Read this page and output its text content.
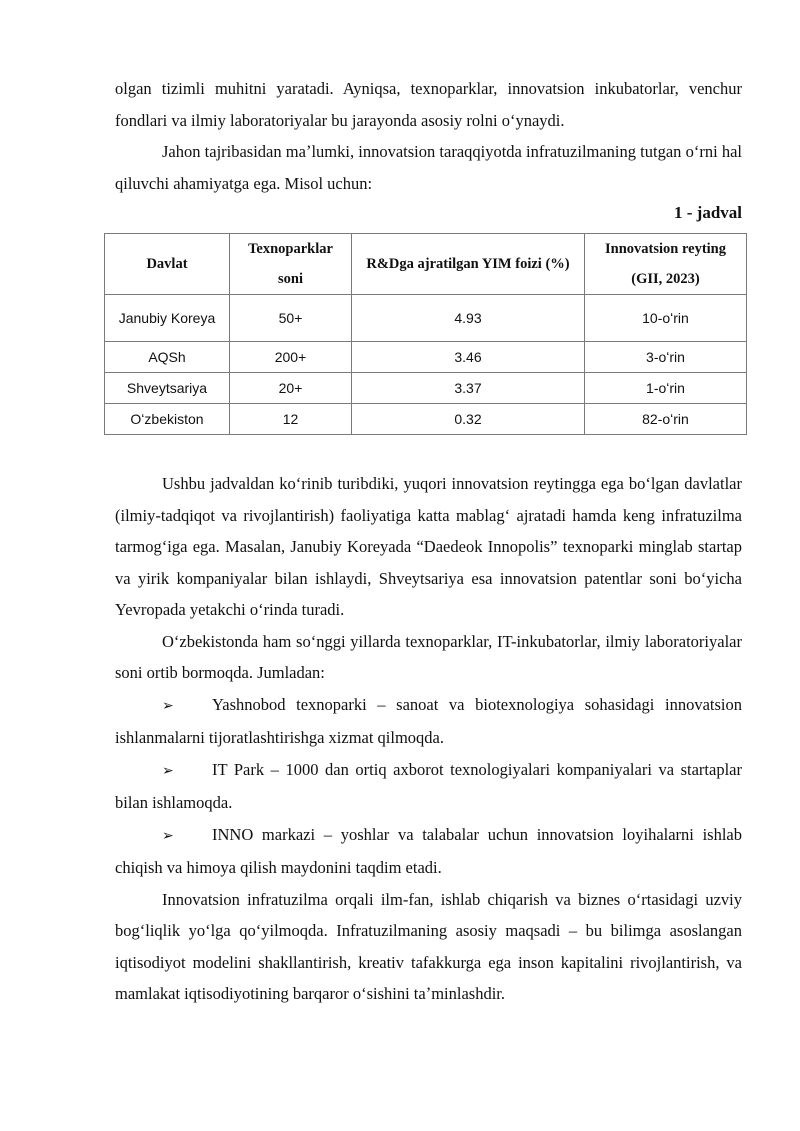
olgan tizimli muhitni yaratadi. Ayniqsa, texnoparklar, innovatsion inkubatorlar, venchur fondlari va ilmiy laboratoriyalar bu jarayonda asosiy rolni oʻynaydi.

Jahon tajribasidan maʼlumki, innovatsion taraqqiyotda infratuzilmaning tutgan oʻrni hal qiluvchi ahamiyatga ega. Misol uchun:

1 - jadval
Davlat	Texnoparklar soni	R&Dga ajratilgan YIM foizi (%)	Innovatsion reyting (GII, 2023)
Janubiy Koreya	50+	4.93	10-oʻrin
AQSh	200+	3.46	3-oʻrin
Shveytsariya	20+	3.37	1-oʻrin
Oʻzbekiston	12	0.32	82-oʻrin

Ushbu jadvaldan koʻrinib turibdiki, yuqori innovatsion reytingga ega boʻlgan davlatlar (ilmiy-tadqiqot va rivojlantirish) faoliyatiga katta mablagʻ ajratadi hamda keng infratuzilma tarmogʻiga ega. Masalan, Janubiy Koreyada “Daedeok Innopolis” texnoparki minglab startap va yirik kompaniyalar bilan ishlaydi, Shveytsariya esa innovatsion patentlar soni boʻyicha Yevropada yetakchi oʻrinda turadi.

Oʻzbekistonda ham soʻnggi yillarda texnoparklar, IT-inkubatorlar, ilmiy laboratoriyalar soni ortib bormoqda. Jumladan:

➢ Yashnobod texnoparki – sanoat va biotexnologiya sohasidagi innovatsion ishlanmalarni tijoratlashtirishga xizmat qilmoqda.

➢ IT Park – 1000 dan ortiq axborot texnologiyalari kompaniyalari va startaplar bilan ishlamoqda.

➢ INNO markazi – yoshlar va talabalar uchun innovatsion loyihalarni ishlab chiqish va himoya qilish maydonini taqdim etadi.

Innovatsion infratuzilma orqali ilm-fan, ishlab chiqarish va biznes oʻrtasidagi uzviy bogʻliqlik yoʻlga qoʻyilmoqda. Infratuzilmaning asosiy maqsadi – bu bilimga asoslangan iqtisodiyot modelini shakllantirish, kreativ tafakkurga ega inson kapitalini rivojlantirish, va mamlakat iqtisodiyotining barqaror oʻsishini taʼminlashdir.
